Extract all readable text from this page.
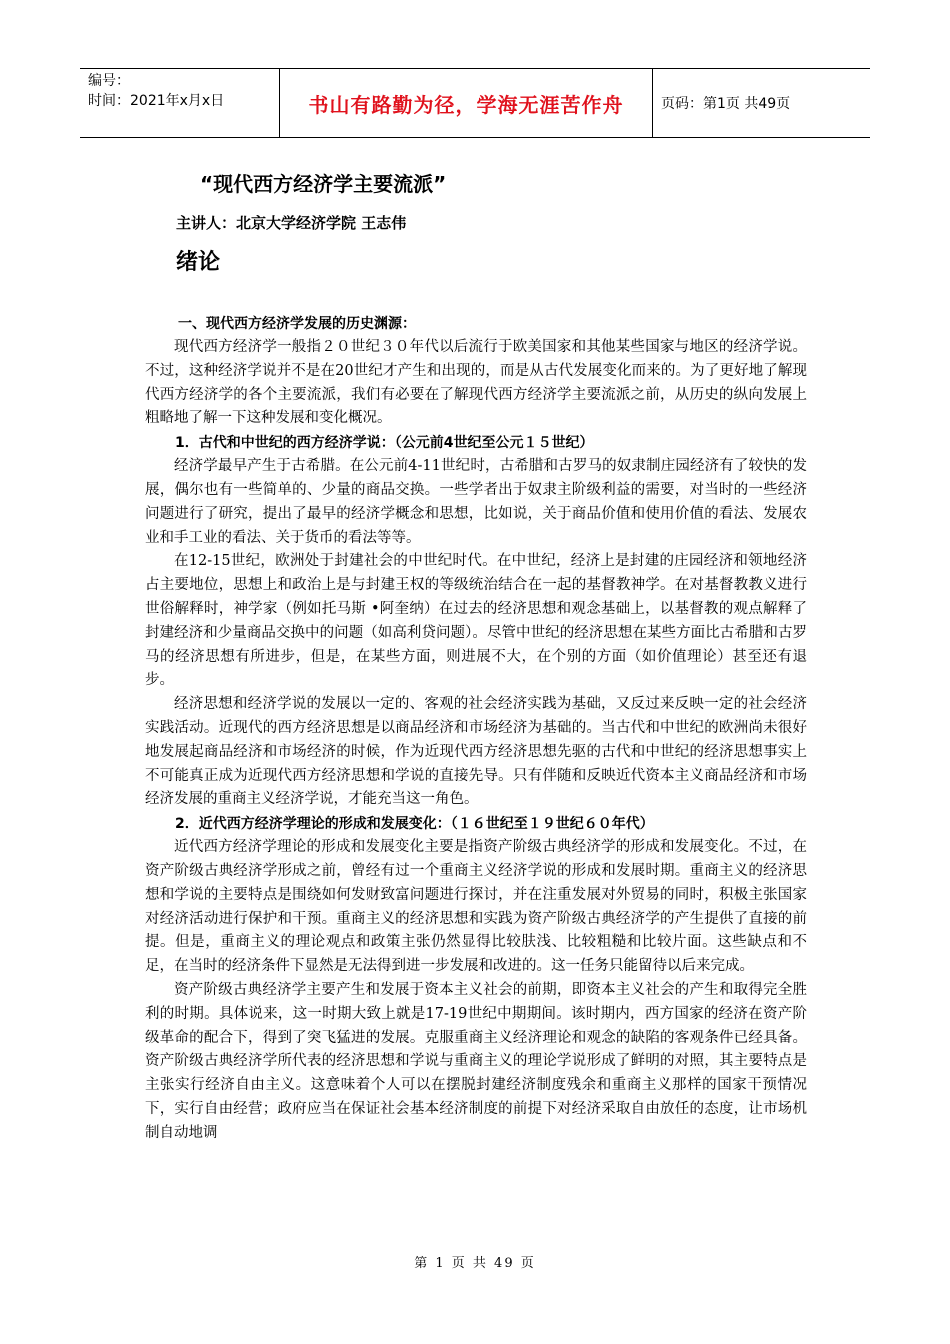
编号：
时间：2021年x月x日	书山有路勤为径，学海无涯苦作舟	页码：第1页 共49页
“现代西方经济学主要流派”
主讲人：北京大学经济学院 王志伟
绪论

一、现代西方经济学发展的历史渊源：

现代西方经济学一般指２０世纪３０年代以后流行于欧美国家和其他某些国家与地区的经济学说。不过，这种经济学说并不是在20世纪才产生和出现的，而是从古代发展变化而来的。为了更好地了解现代西方经济学的各个主要流派，我们有必要在了解现代西方经济学主要流派之前，从历史的纵向发展上粗略地了解一下这种发展和变化概况。

1．古代和中世纪的西方经济学说：（公元前4世纪至公元１５世纪）

经济学最早产生于古希腊。在公元前4-11世纪时，古希腊和古罗马的奴隶制庄园经济有了较快的发展，偶尔也有一些简单的、少量的商品交换。一些学者出于奴隶主阶级利益的需要，对当时的一些经济问题进行了研究，提出了最早的经济学概念和思想，比如说，关于商品价值和使用价值的看法、发展农业和手工业的看法、关于货币的看法等等。

在12-15世纪，欧洲处于封建社会的中世纪时代。在中世纪，经济上是封建的庄园经济和领地经济占主要地位，思想上和政治上是与封建王权的等级统治结合在一起的基督教神学。在对基督教教义进行世俗解释时，神学家（例如托马斯 •阿奎纳）在过去的经济思想和观念基础上，以基督教的观点解释了封建经济和少量商品交换中的问题（如高利贷问题）。尽管中世纪的经济思想在某些方面比古希腊和古罗马的经济思想有所进步，但是，在某些方面，则进展不大，在个别的方面（如价值理论）甚至还有退步。

经济思想和经济学说的发展以一定的、客观的社会经济实践为基础，又反过来反映一定的社会经济实践活动。近现代的西方经济思想是以商品经济和市场经济为基础的。当古代和中世纪的欧洲尚未很好地发展起商品经济和市场经济的时候，作为近现代西方经济思想先驱的古代和中世纪的经济思想事实上不可能真正成为近现代西方经济思想和学说的直接先导。只有伴随和反映近代资本主义商品经济和市场经济发展的重商主义经济学说，才能充当这一角色。

2．近代西方经济学理论的形成和发展变化：（１６世纪至１９世纪６０年代）

近代西方经济学理论的形成和发展变化主要是指资产阶级古典经济学的形成和发展变化。不过，在资产阶级古典经济学形成之前，曾经有过一个重商主义经济学说的形成和发展时期。重商主义的经济思想和学说的主要特点是围绕如何发财致富问题进行探讨，并在注重发展对外贸易的同时，积极主张国家对经济活动进行保护和干预。重商主义的经济思想和实践为资产阶级古典经济学的产生提供了直接的前提。但是，重商主义的理论观点和政策主张仍然显得比较肤浅、比较粗糙和比较片面。这些缺点和不足，在当时的经济条件下显然是无法得到进一步发展和改进的。这一任务只能留待以后来完成。

资产阶级古典经济学主要产生和发展于资本主义社会的前期，即资本主义社会的产生和取得完全胜利的时期。具体说来，这一时期大致上就是17-19世纪中期期间。该时期内，西方国家的经济在资产阶级革命的配合下，得到了突飞猛进的发展。克服重商主义经济理论和观念的缺陷的客观条件已经具备。资产阶级古典经济学所代表的经济思想和学说与重商主义的理论学说形成了鲜明的对照，其主要特点是主张实行经济自由主义。这意味着个人可以在摆脱封建经济制度残余和重商主义那样的国家干预情况下，实行自由经营；政府应当在保证社会基本经济制度的前提下对经济采取自由放任的态度，让市场机制自动地调

第 1 页 共 49 页
